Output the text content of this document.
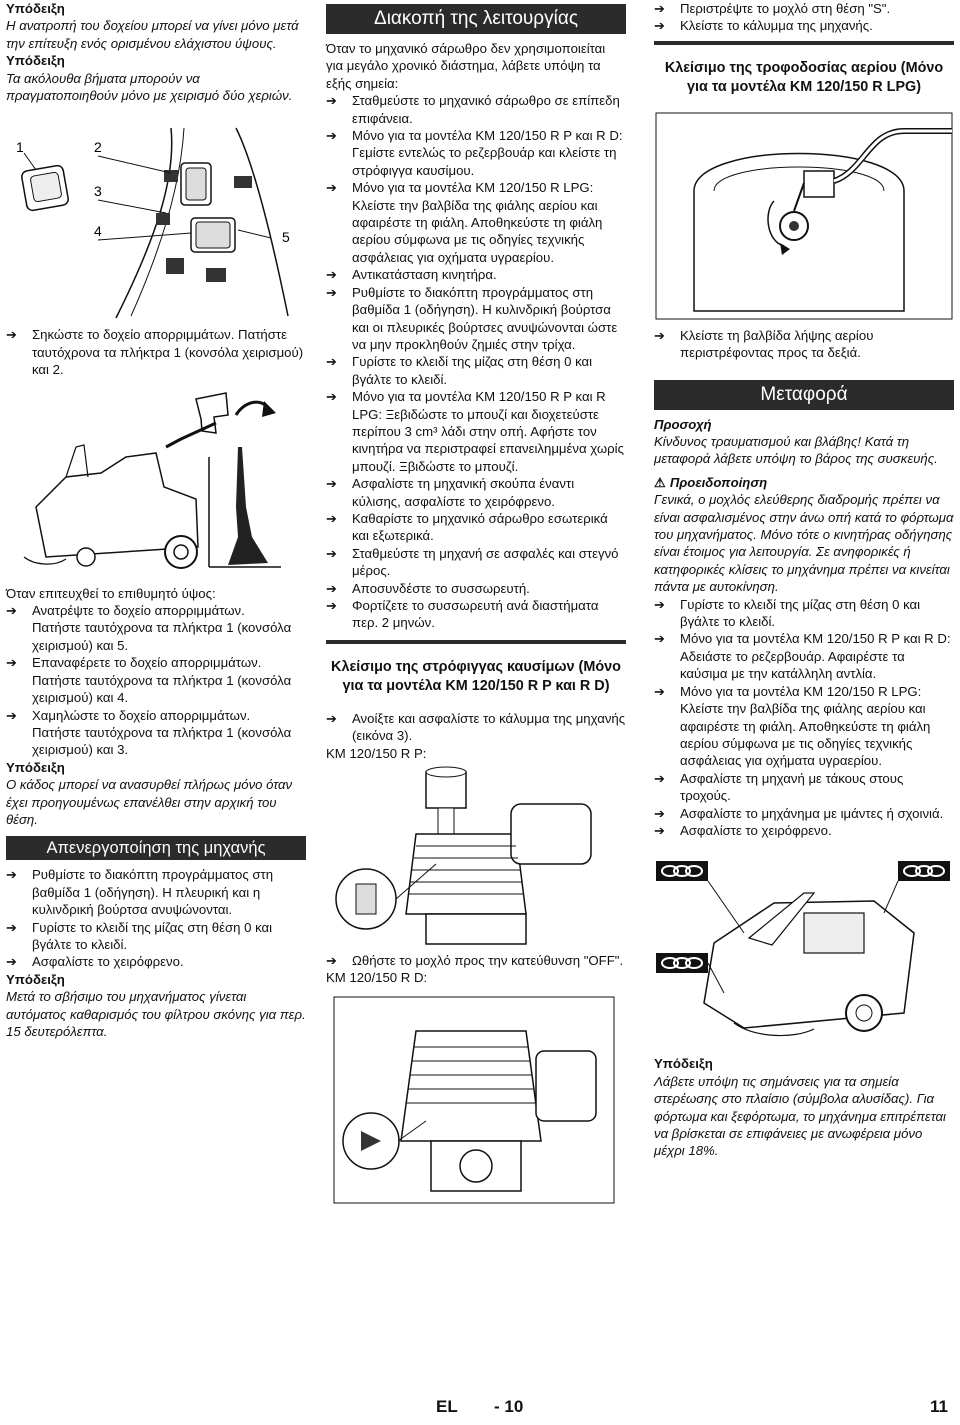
Υπόδειξη

Η ανατροπή του δοχείου μπορεί να γίνει μόνο μετά την επίτευξη ενός ορισμένου ελάχιστου ύψους.

Υπόδειξη

Τα ακόλουθα βήματα μπορούν να πραγματοποιηθούν μόνο με χειρισμό δύο χεριών.

1	2
3
4	5
➔ Σηκώστε το δοχείο απορριμμάτων. Πατήστε ταυτόχρονα τα πλήκτρα 1 (κονσόλα χειρισμού) και 2.

Όταν επιτευχθεί το επιθυμητό ύψος:

➔ Ανατρέψτε το δοχείο απορριμμάτων.

Πατήστε ταυτόχρονα τα πλήκτρα 1 (κονσόλα χειρισμού) και 5.

➔ Επαναφέρετε το δοχείο απορριμμάτων.

Πατήστε ταυτόχρονα τα πλήκτρα 1 (κονσόλα χειρισμού) και 4.

➔ Χαμηλώστε το δοχείο απορριμμάτων.

Πατήστε ταυτόχρονα τα πλήκτρα 1 (κονσόλα χειρισμού) και 3.

Υπόδειξη

Ο κάδος μπορεί να ανασυρθεί πλήρως μόνο όταν έχει προηγουμένως επανέλθει στην αρχική του θέση.

Απενεργοποίηση της μηχανής
➔ Ρυθμίστε το διακόπτη προγράμματος στη βαθμίδα 1 (οδήγηση). Η πλευρική και η κυλινδρική βούρτσα ανυψώνονται.
➔ Γυρίστε το κλειδί της μίζας στη θέση 0 και βγάλτε το κλειδί.
➔ Ασφαλίστε το χειρόφρενο.

Υπόδειξη

Μετά το σβήσιμο του μηχανήματος γίνεται αυτόματος καθαρισμός του φίλτρου σκόνης για περ. 15 δευτερόλεπτα.

Διακοπή της λειτουργίας

Όταν το μηχανικό σάρωθρο δεν χρησιμοποιείται για μεγάλο χρονικό διάστημα, λάβετε υπόψη τα εξής σημεία:

➔ Σταθμεύστε το μηχανικό σάρωθρο σε επίπεδη επιφάνεια.
➔ Μόνο για τα μοντέλα KM 120/150 R P και R D: Γεμίστε εντελώς το ρεζερβουάρ και κλείστε τη στρόφιγγα καυσίμου.
➔ Μόνο για τα μοντέλα KM 120/150 R LPG: Κλείστε την βαλβίδα της φιάλης αερίου και αφαιρέστε τη φιάλη. Αποθηκεύστε τη φιάλη αερίου σύμφωνα με τις οδηγίες τεχνικής ασφάλειας για οχήματα υγραερίου.
➔ Αντικατάσταση κινητήρα.
➔ Ρυθμίστε το διακόπτη προγράμματος στη βαθμίδα 1 (οδήγηση). Η κυλινδρική βούρτσα και οι πλευρικές βούρτσες ανυψώνονται ώστε να μην προκληθούν ζημιές στην τρίχα.
➔ Γυρίστε το κλειδί της μίζας στη θέση 0 και βγάλτε το κλειδί.
➔ Μόνο για τα μοντέλα KM 120/150 R P και R LPG: Ξεβιδώστε το μπουζί και διοχετεύστε περίπου 3 cm³ λάδι στην οπή. Αφήστε τον κινητήρα να περιστραφεί επανειλημμένα χωρίς μπουζί. Ξβιδώστε το μπουζί.
➔ Ασφαλίστε τη μηχανική σκούπα έναντι κύλισης, ασφαλίστε το χειρόφρενο.
➔ Καθαρίστε το μηχανικό σάρωθρο εσωτερικά και εξωτερικά.
➔ Σταθμεύστε τη μηχανή σε ασφαλές και στεγνό μέρος.
➔ Αποσυνδέστε το συσσωρευτή.
➔ Φορτίζετε το συσσωρευτή ανά διαστήματα περ. 2 μηνών.

Κλείσιμο της στρόφιγγας καυσίμων (Μόνο για τα μοντέλα KM 120/150 R P και R D)

➔ Ανοίξτε και ασφαλίστε το κάλυμμα της μηχανής (εικόνα 3).

KM 120/150 R P:

➔ Ωθήστε το μοχλό προς την κατεύθυνση "OFF".

KM 120/150 R D:

➔ Περιστρέψτε το μοχλό στη θέση "S".
➔ Κλείστε το κάλυμμα της μηχανής.

Κλείσιμο της τροφοδοσίας αερίου (Μόνο για τα μοντέλα KM 120/150 R LPG)

➔ Κλείστε τη βαλβίδα λήψης αερίου περιστρέφοντας προς τα δεξιά.
Μεταφορά

Προσοχή

Κίνδυνος τραυματισμού και βλάβης! Κατά τη μεταφορά λάβετε υπόψη το βάρος της συσκευής.

⚠ Προειδοποίηση

Γενικά, ο μοχλός ελεύθερης διαδρομής πρέπει να είναι ασφαλισμένος στην άνω οπή κατά το φόρτωμα του μηχανήματος. Μόνο τότε ο κινητήρας οδήγησης είναι έτοιμος για λειτουργία. Σε ανηφορικές ή κατηφορικές κλίσεις το μηχάνημα πρέπει να κινείται πάντα με αυτοκίνηση.

➔ Γυρίστε το κλειδί της μίζας στη θέση 0 και βγάλτε το κλειδί.
➔ Μόνο για τα μοντέλα KM 120/150 R P και R D: Αδειάστε το ρεζερβουάρ. Αφαιρέστε τα καύσιμα με την κατάλληλη αντλία.
➔ Μόνο για τα μοντέλα KM 120/150 R LPG: Κλείστε την βαλβίδα της φιάλης αερίου και αφαιρέστε τη φιάλη. Αποθηκεύστε τη φιάλη αερίου σύμφωνα με τις οδηγίες τεχνικής ασφάλειας για οχήματα υγραερίου.
➔ Ασφαλίστε τη μηχανή με τάκους στους τροχούς.
➔ Ασφαλίστε το μηχάνημα με ιμάντες ή σχοινιά.
➔ Ασφαλίστε το χειρόφρενο.

Υπόδειξη

Λάβετε υπόψη τις σημάνσεις για τα σημεία στερέωσης στο πλαίσιο (σύμβολα αλυσίδας). Για φόρτωμα και ξεφόρτωμα, το μηχάνημα επιτρέπεται να βρίσκεται σε επιφάνειες με ανωφέρεια μόνο μέχρι 18%.

EL - 10	11
